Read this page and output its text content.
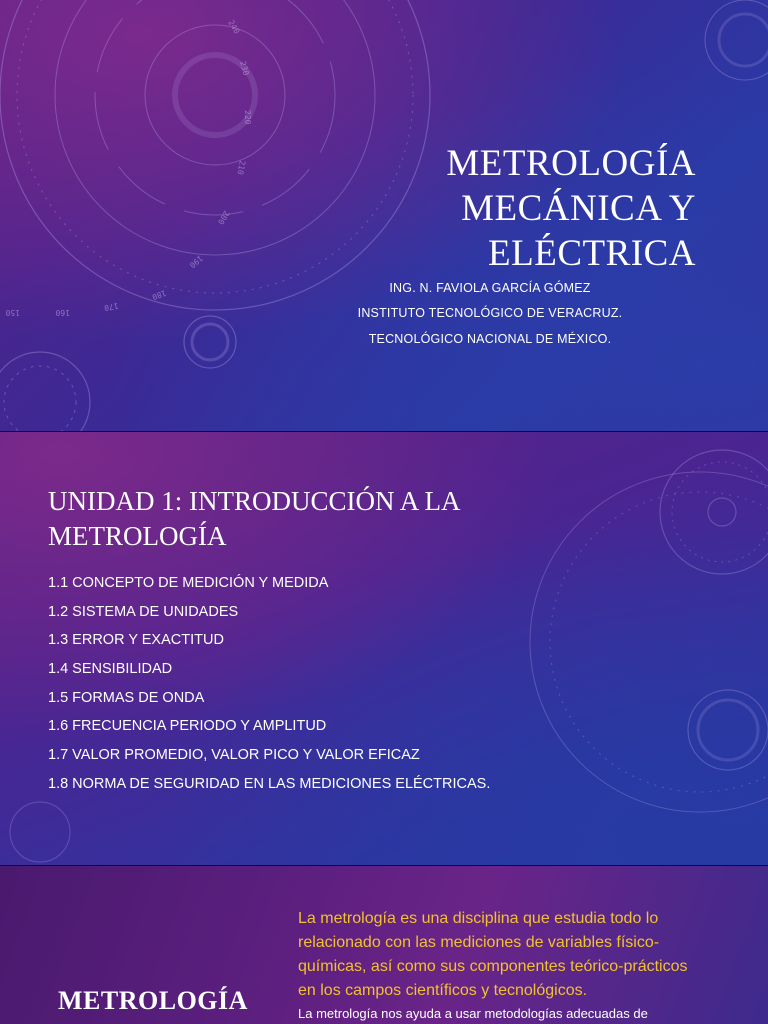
150	160
170
180
190
200
210
220
230
240
METROLOGÍA
MECÁNICA Y
ELÉCTRICA
ING. N. FAVIOLA GARCÍA GÓMEZ
INSTITUTO TECNOLÓGICO DE VERACRUZ.
TECNOLÓGICO NACIONAL DE MÉXICO.
UNIDAD 1: INTRODUCCIÓN A LA
METROLOGÍA
1.1 CONCEPTO DE MEDICIÓN Y MEDIDA
1.2 SISTEMA DE UNIDADES
1.3 ERROR Y EXACTITUD
1.4 SENSIBILIDAD
1.5 FORMAS DE ONDA
1.6 FRECUENCIA PERIODO Y AMPLITUD
1.7 VALOR PROMEDIO, VALOR PICO Y VALOR EFICAZ
1.8 NORMA DE SEGURIDAD EN LAS MEDICIONES ELÉCTRICAS.
METROLOGÍA
La metrología es una disciplina que estudia todo lo
relacionado con las mediciones de variables físico-
químicas, así como sus componentes teórico-prácticos
en los campos científicos y tecnológicos.
La metrología nos ayuda a usar metodologías adecuadas de
